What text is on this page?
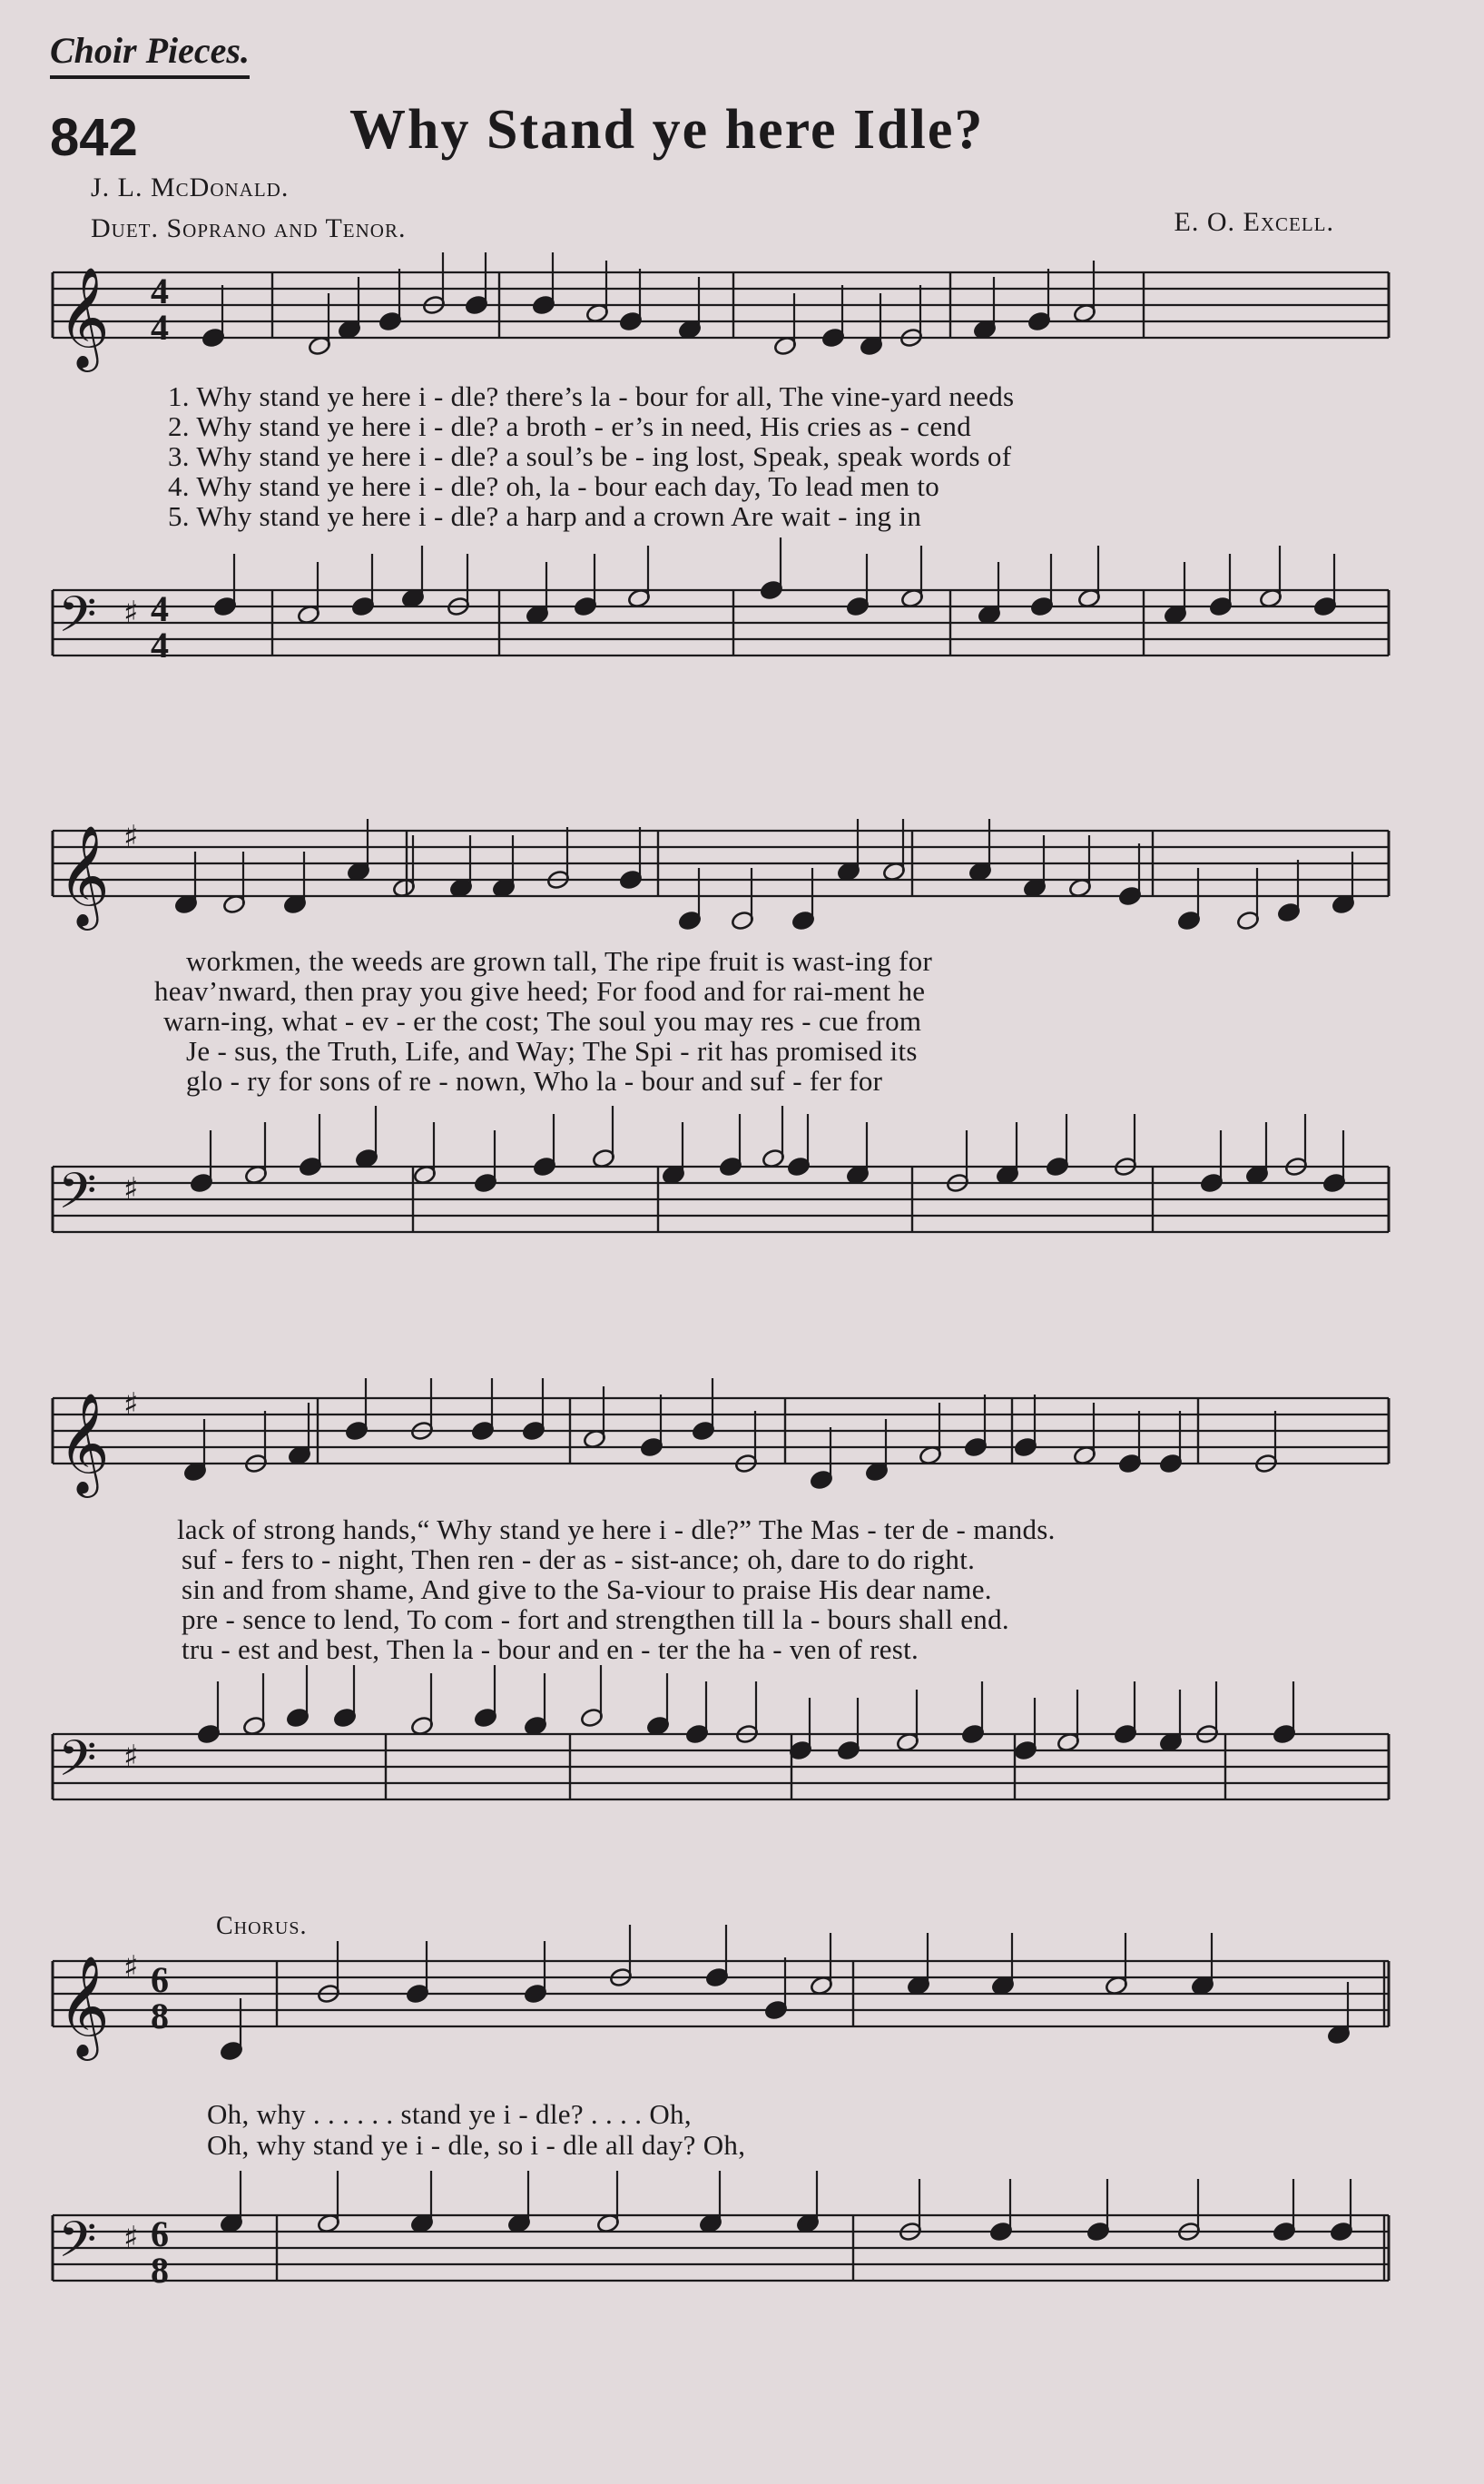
Choir Pieces.
842	Why Stand ye here Idle?
J. L. McDonald.
Duet. Soprano and Tenor.	E. O. Excell.
𝄞 4
4
𝄢 ♯ 4
4
𝄞 ♯
𝄢 ♯
𝄞 ♯
𝄢 ♯
𝄞 ♯ 6
8
𝄢 ♯ 6
8
1. Why stand ye here i - dle? there’s la - bour for all, The vine-yard needs
2. Why stand ye here i - dle? a broth - er’s in need, His cries as - cend
3. Why stand ye here i - dle? a soul’s be - ing lost, Speak, speak words of
4. Why stand ye here i - dle? oh, la - bour each day, To lead men to
5. Why stand ye here i - dle? a harp and a crown Are wait - ing in
workmen, the weeds are grown tall, The ripe fruit is wast-ing for
heav’nward, then pray you give heed; For food and for rai-ment he
warn-ing, what - ev - er the cost; The soul you may res - cue from
Je - sus, the Truth, Life, and Way; The Spi - rit has promised its
glo - ry for sons of re - nown, Who la - bour and suf - fer for
lack of strong hands,“ Why stand ye here i - dle?” The Mas - ter de - mands.
suf - fers to - night, Then ren - der as - sist-ance; oh, dare to do right.
sin and from shame, And give to the Sa-viour to praise His dear name.
pre - sence to lend, To com - fort and strengthen till la - bours shall end.
tru - est and best, Then la - bour and en - ter the ha - ven of rest.
Chorus.
Oh, why . . . . . . stand ye i - dle? . . . . Oh,
Oh, why stand ye i - dle, so i - dle all day? Oh,
